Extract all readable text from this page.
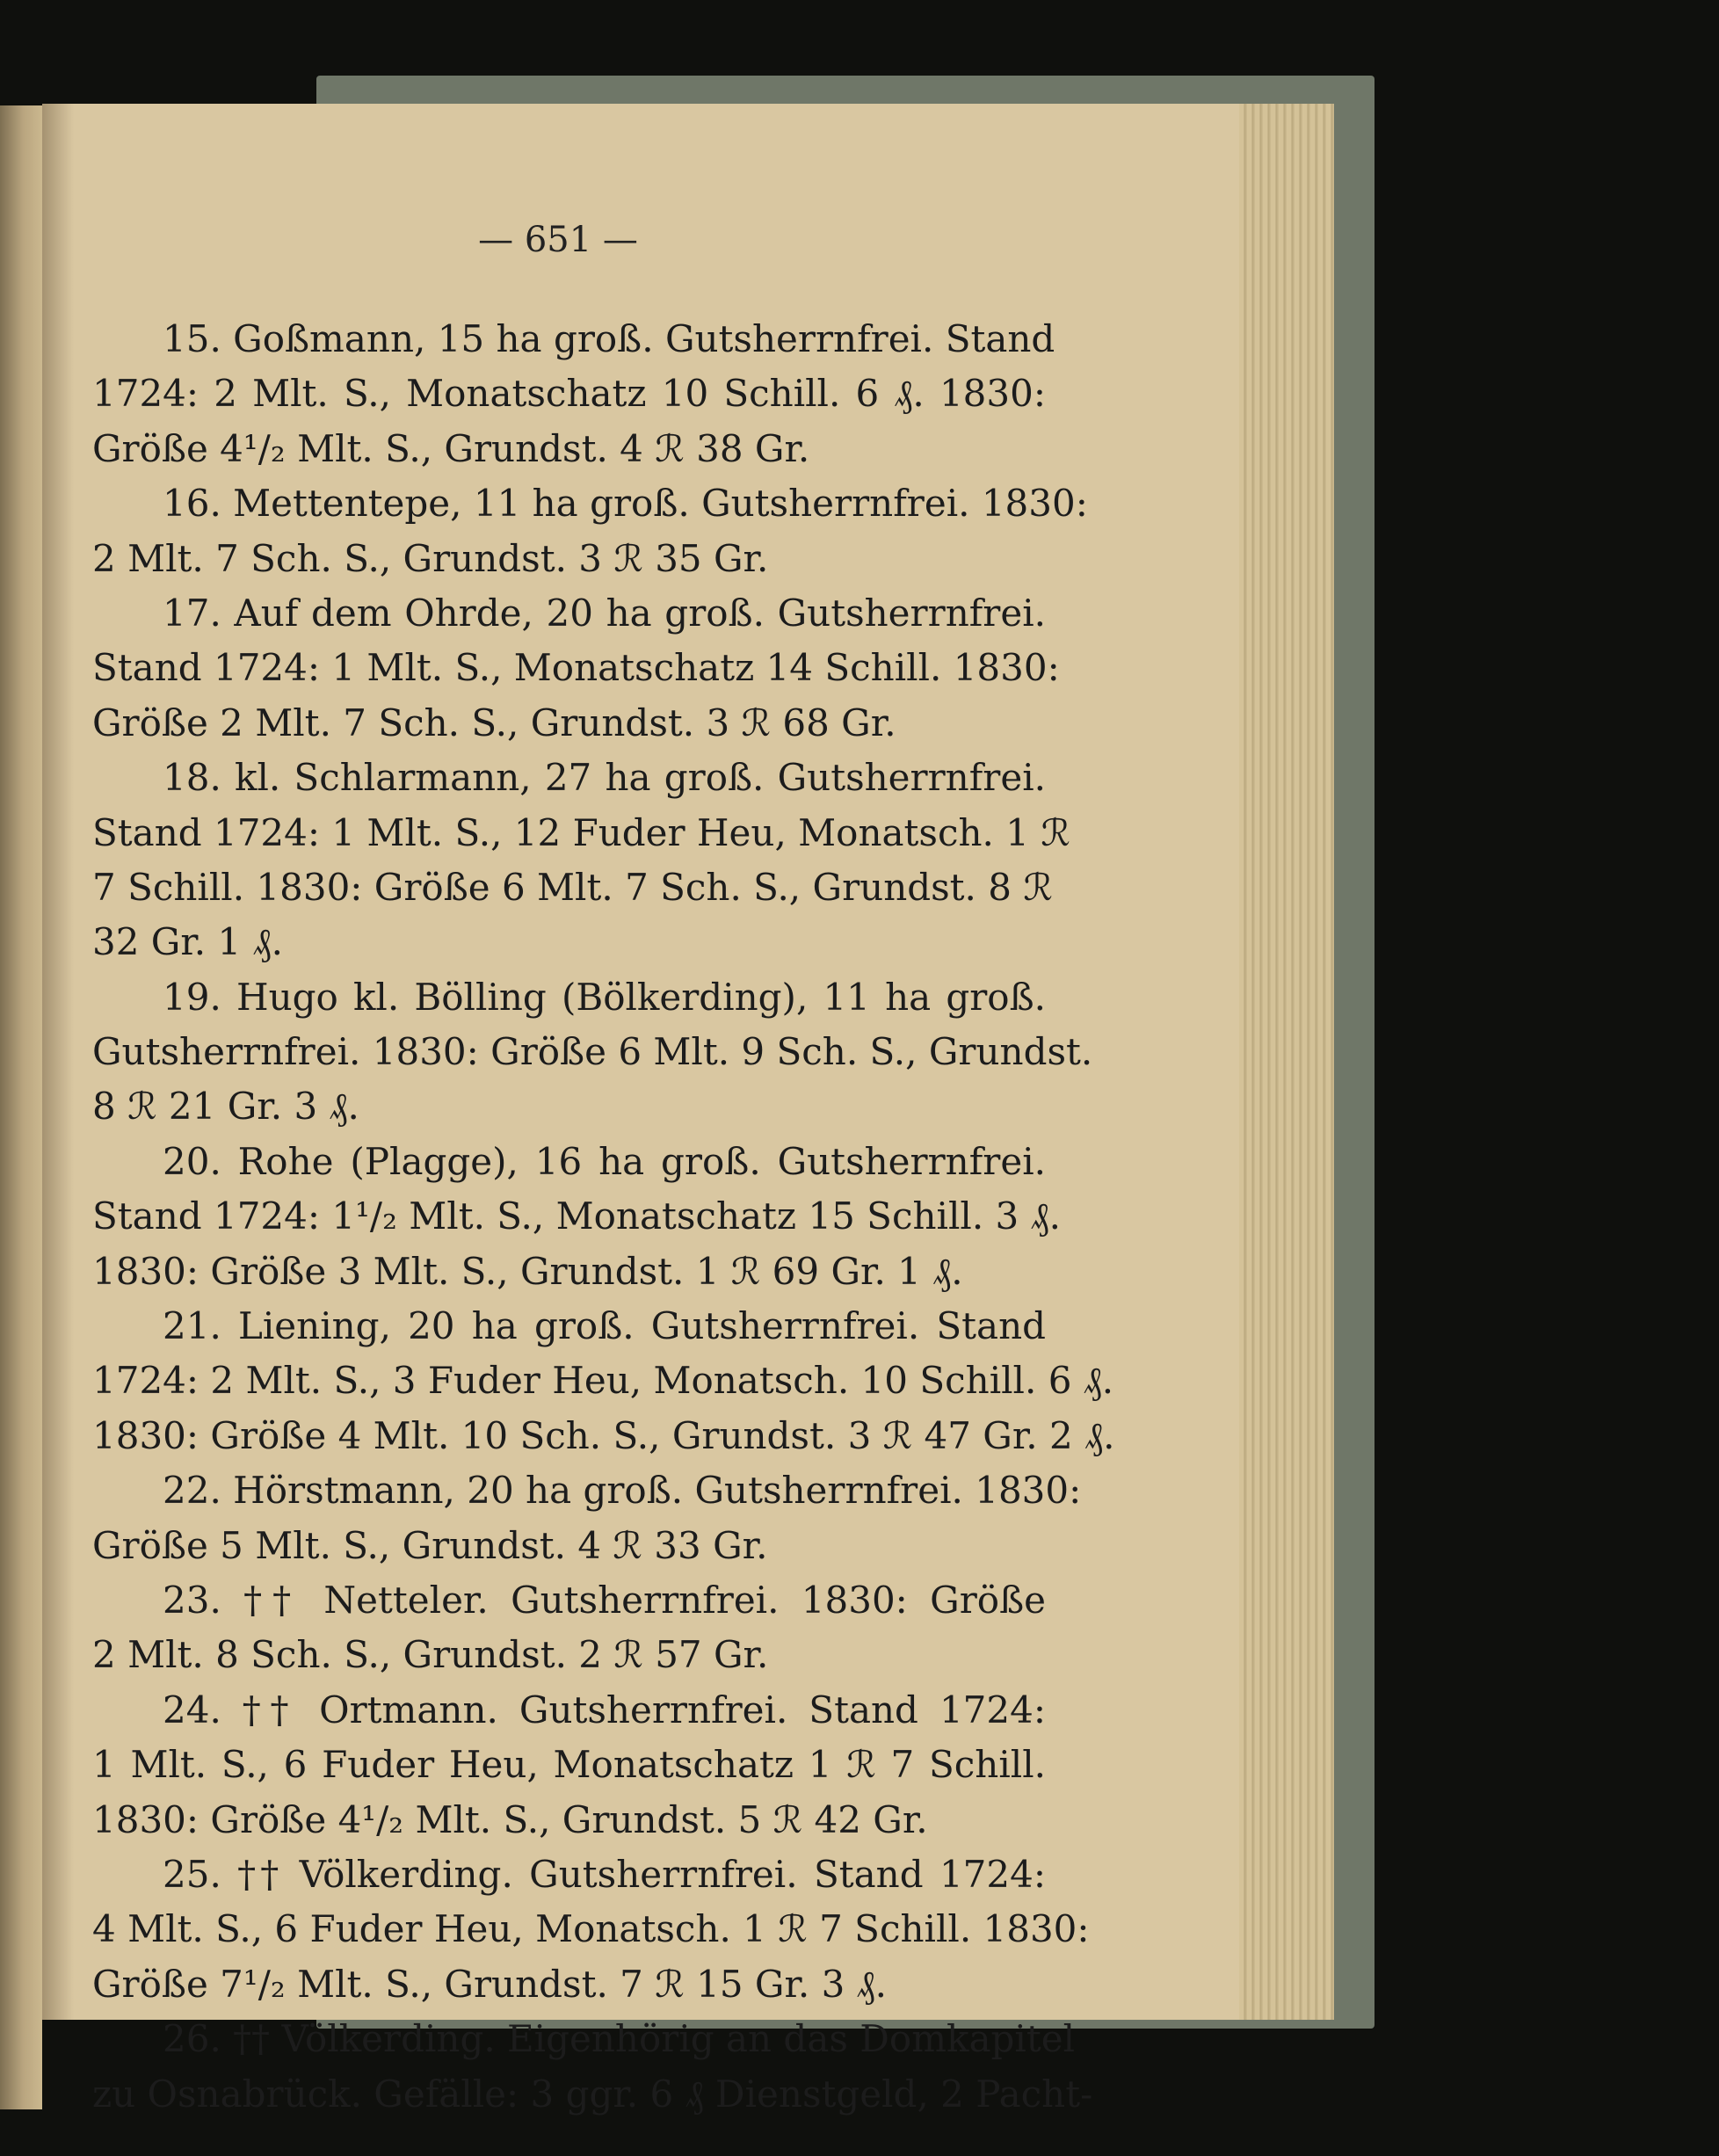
— 651 —
15. Goßmann, 15 ha groß. Gutsherrnfrei. Stand
1724: 2 Mlt. S., Monatschatz 10 Schill. 6 ₰. 1830:
Größe 4¹/₂ Mlt. S., Grundst. 4 ℛ 38 Gr.
16. Mettentepe, 11 ha groß. Gutsherrnfrei. 1830:
2 Mlt. 7 Sch. S., Grundst. 3 ℛ 35 Gr.
17. Auf dem Ohrde, 20 ha groß. Gutsherrnfrei.
Stand 1724: 1 Mlt. S., Monatschatz 14 Schill. 1830:
Größe 2 Mlt. 7 Sch. S., Grundst. 3 ℛ 68 Gr.
18. kl. Schlarmann, 27 ha groß. Gutsherrnfrei.
Stand 1724: 1 Mlt. S., 12 Fuder Heu, Monatsch. 1 ℛ
7 Schill. 1830: Größe 6 Mlt. 7 Sch. S., Grundst. 8 ℛ
32 Gr. 1 ₰.
19. Hugo kl. Bölling (Bölkerding), 11 ha groß.
Gutsherrnfrei. 1830: Größe 6 Mlt. 9 Sch. S., Grundst.
8 ℛ 21 Gr. 3 ₰.
20. Rohe (Plagge), 16 ha groß. Gutsherrnfrei.
Stand 1724: 1¹/₂ Mlt. S., Monatschatz 15 Schill. 3 ₰.
1830: Größe 3 Mlt. S., Grundst. 1 ℛ 69 Gr. 1 ₰.
21. Liening, 20 ha groß. Gutsherrnfrei. Stand
1724: 2 Mlt. S., 3 Fuder Heu, Monatsch. 10 Schill. 6 ₰.
1830: Größe 4 Mlt. 10 Sch. S., Grundst. 3 ℛ 47 Gr. 2 ₰.
22. Hörstmann, 20 ha groß. Gutsherrnfrei. 1830:
Größe 5 Mlt. S., Grundst. 4 ℛ 33 Gr.
23. †† Netteler. Gutsherrnfrei. 1830: Größe
2 Mlt. 8 Sch. S., Grundst. 2 ℛ 57 Gr.
24. †† Ortmann. Gutsherrnfrei. Stand 1724:
1 Mlt. S., 6 Fuder Heu, Monatschatz 1 ℛ 7 Schill.
1830: Größe 4¹/₂ Mlt. S., Grundst. 5 ℛ 42 Gr.
25. †† Völkerding. Gutsherrnfrei. Stand 1724:
4 Mlt. S., 6 Fuder Heu, Monatsch. 1 ℛ 7 Schill. 1830:
Größe 7¹/₂ Mlt. S., Grundst. 7 ℛ 15 Gr. 3 ₰.
26. †† Völkerding. Eigenhörig an das Domkapitel
zu Osnabrück. Gefälle: 3 ggr. 6 ₰ Dienstgeld, 2 Pacht-
